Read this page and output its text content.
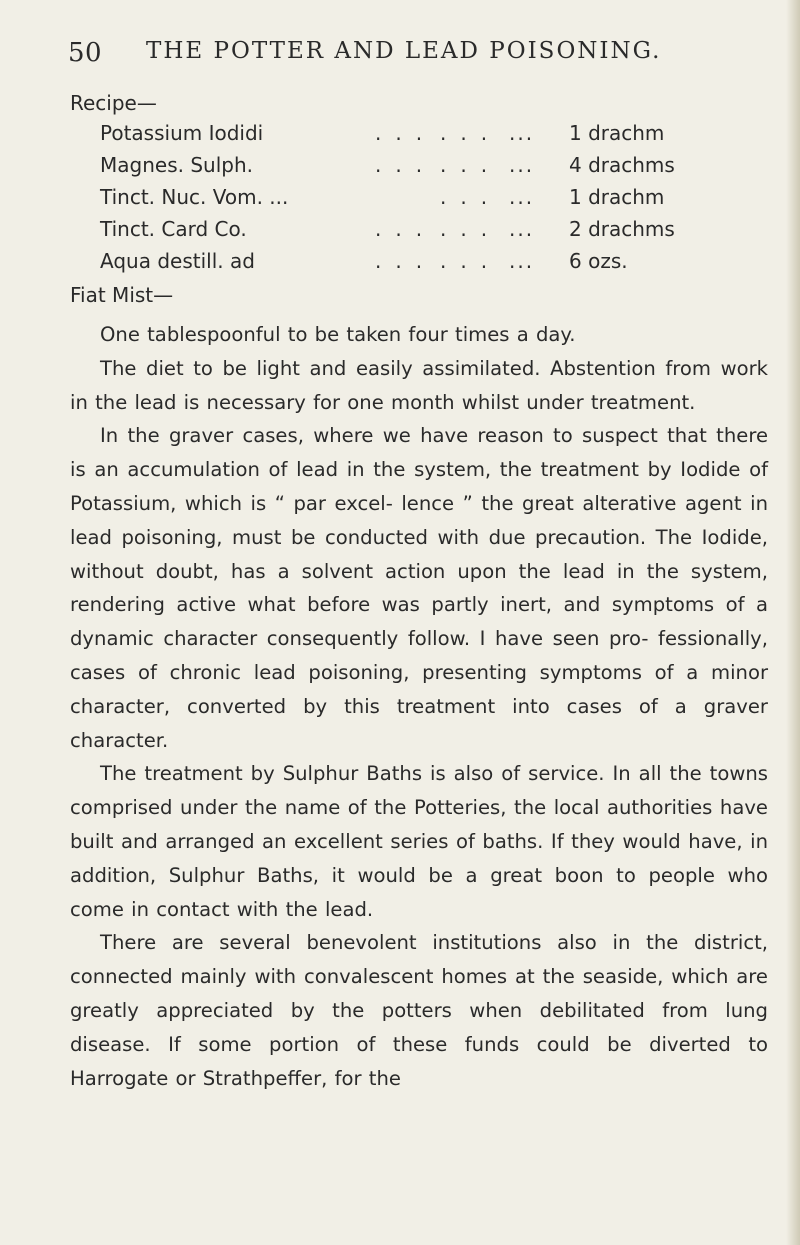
50 THE POTTER AND LEAD POISONING.
Recipe—
Potassium Iodidi	... ... ... 1 drachm
Magnes. Sulph.	... ... ... 4 drachms
Tinct. Nuc. Vom. ...	... ... 1 drachm
Tinct. Card Co.	... ... ... 2 drachms
Aqua destill. ad	... ... ... 6 ozs.
Fiat Mist—

One tablespoonful to be taken four times a day.

The diet to be light and easily assimilated. Abstention from work in the lead is necessary for one month whilst under treatment.

In the graver cases, where we have reason to suspect that there is an accumulation of lead in the system, the treatment by Iodide of Potassium, which is “ par excel- lence ” the great alterative agent in lead poisoning, must be conducted with due precaution. The Iodide, without doubt, has a solvent action upon the lead in the system, rendering active what before was partly inert, and symptoms of a dynamic character consequently follow. I have seen pro- fessionally, cases of chronic lead poisoning, presenting symptoms of a minor character, converted by this treatment into cases of a graver character.

The treatment by Sulphur Baths is also of service. In all the towns comprised under the name of the Potteries, the local authorities have built and arranged an excellent series of baths. If they would have, in addition, Sulphur Baths, it would be a great boon to people who come in contact with the lead.

There are several benevolent institutions also in the district, connected mainly with convalescent homes at the seaside, which are greatly appreciated by the potters when debilitated from lung disease. If some portion of these funds could be diverted to Harrogate or Strathpeffer, for the
